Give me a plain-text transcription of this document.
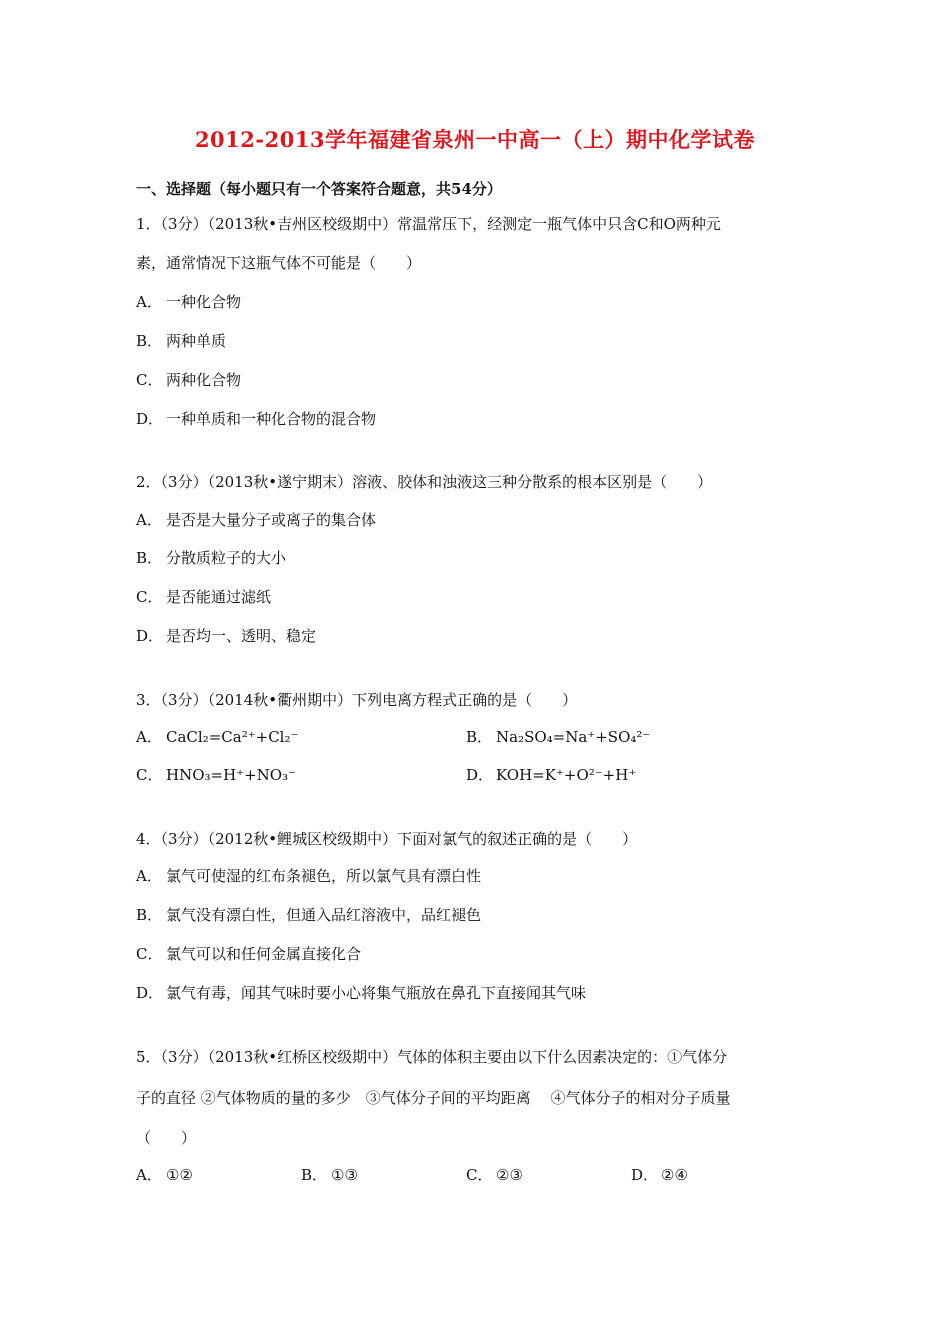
2012-2013学年福建省泉州一中高一（上）期中化学试卷
一、选择题（每小题只有一个答案符合题意，共54分）
1．（3分）（2013秋•吉州区校级期中）常温常压下，经测定一瓶气体中只含C和O两种元
素，通常情况下这瓶气体不可能是（　　）
A． 一种化合物
B． 两种单质
C． 两种化合物
D． 一种单质和一种化合物的混合物
2．（3分）（2013秋•遂宁期末）溶液、胶体和浊液这三种分散系的根本区别是（　　）
A． 是否是大量分子或离子的集合体
B． 分散质粒子的大小
C． 是否能通过滤纸
D． 是否均一、透明、稳定
3．（3分）（2014秋•衢州期中）下列电离方程式正确的是（　　）
A． CaCl₂=Ca²⁺+Cl₂⁻	B． Na₂SO₄=Na⁺+SO₄²⁻
C． HNO₃=H⁺+NO₃⁻	D． KOH=K⁺+O²⁻+H⁺
4．（3分）（2012秋•鲤城区校级期中）下面对氯气的叙述正确的是（　　）
A． 氯气可使湿的红布条褪色，所以氯气具有漂白性
B． 氯气没有漂白性，但通入品红溶液中，品红褪色
C． 氯气可以和任何金属直接化合
D． 氯气有毒，闻其气味时要小心将集气瓶放在鼻孔下直接闻其气味
5．（3分）（2013秋•红桥区校级期中）气体的体积主要由以下什么因素决定的：①气体分
子的直径 ②气体物质的量的多少　③气体分子间的平均距离　 ④气体分子的相对分子质量
（　　）
A． ①②	B． ①③	C． ②③	D． ②④
